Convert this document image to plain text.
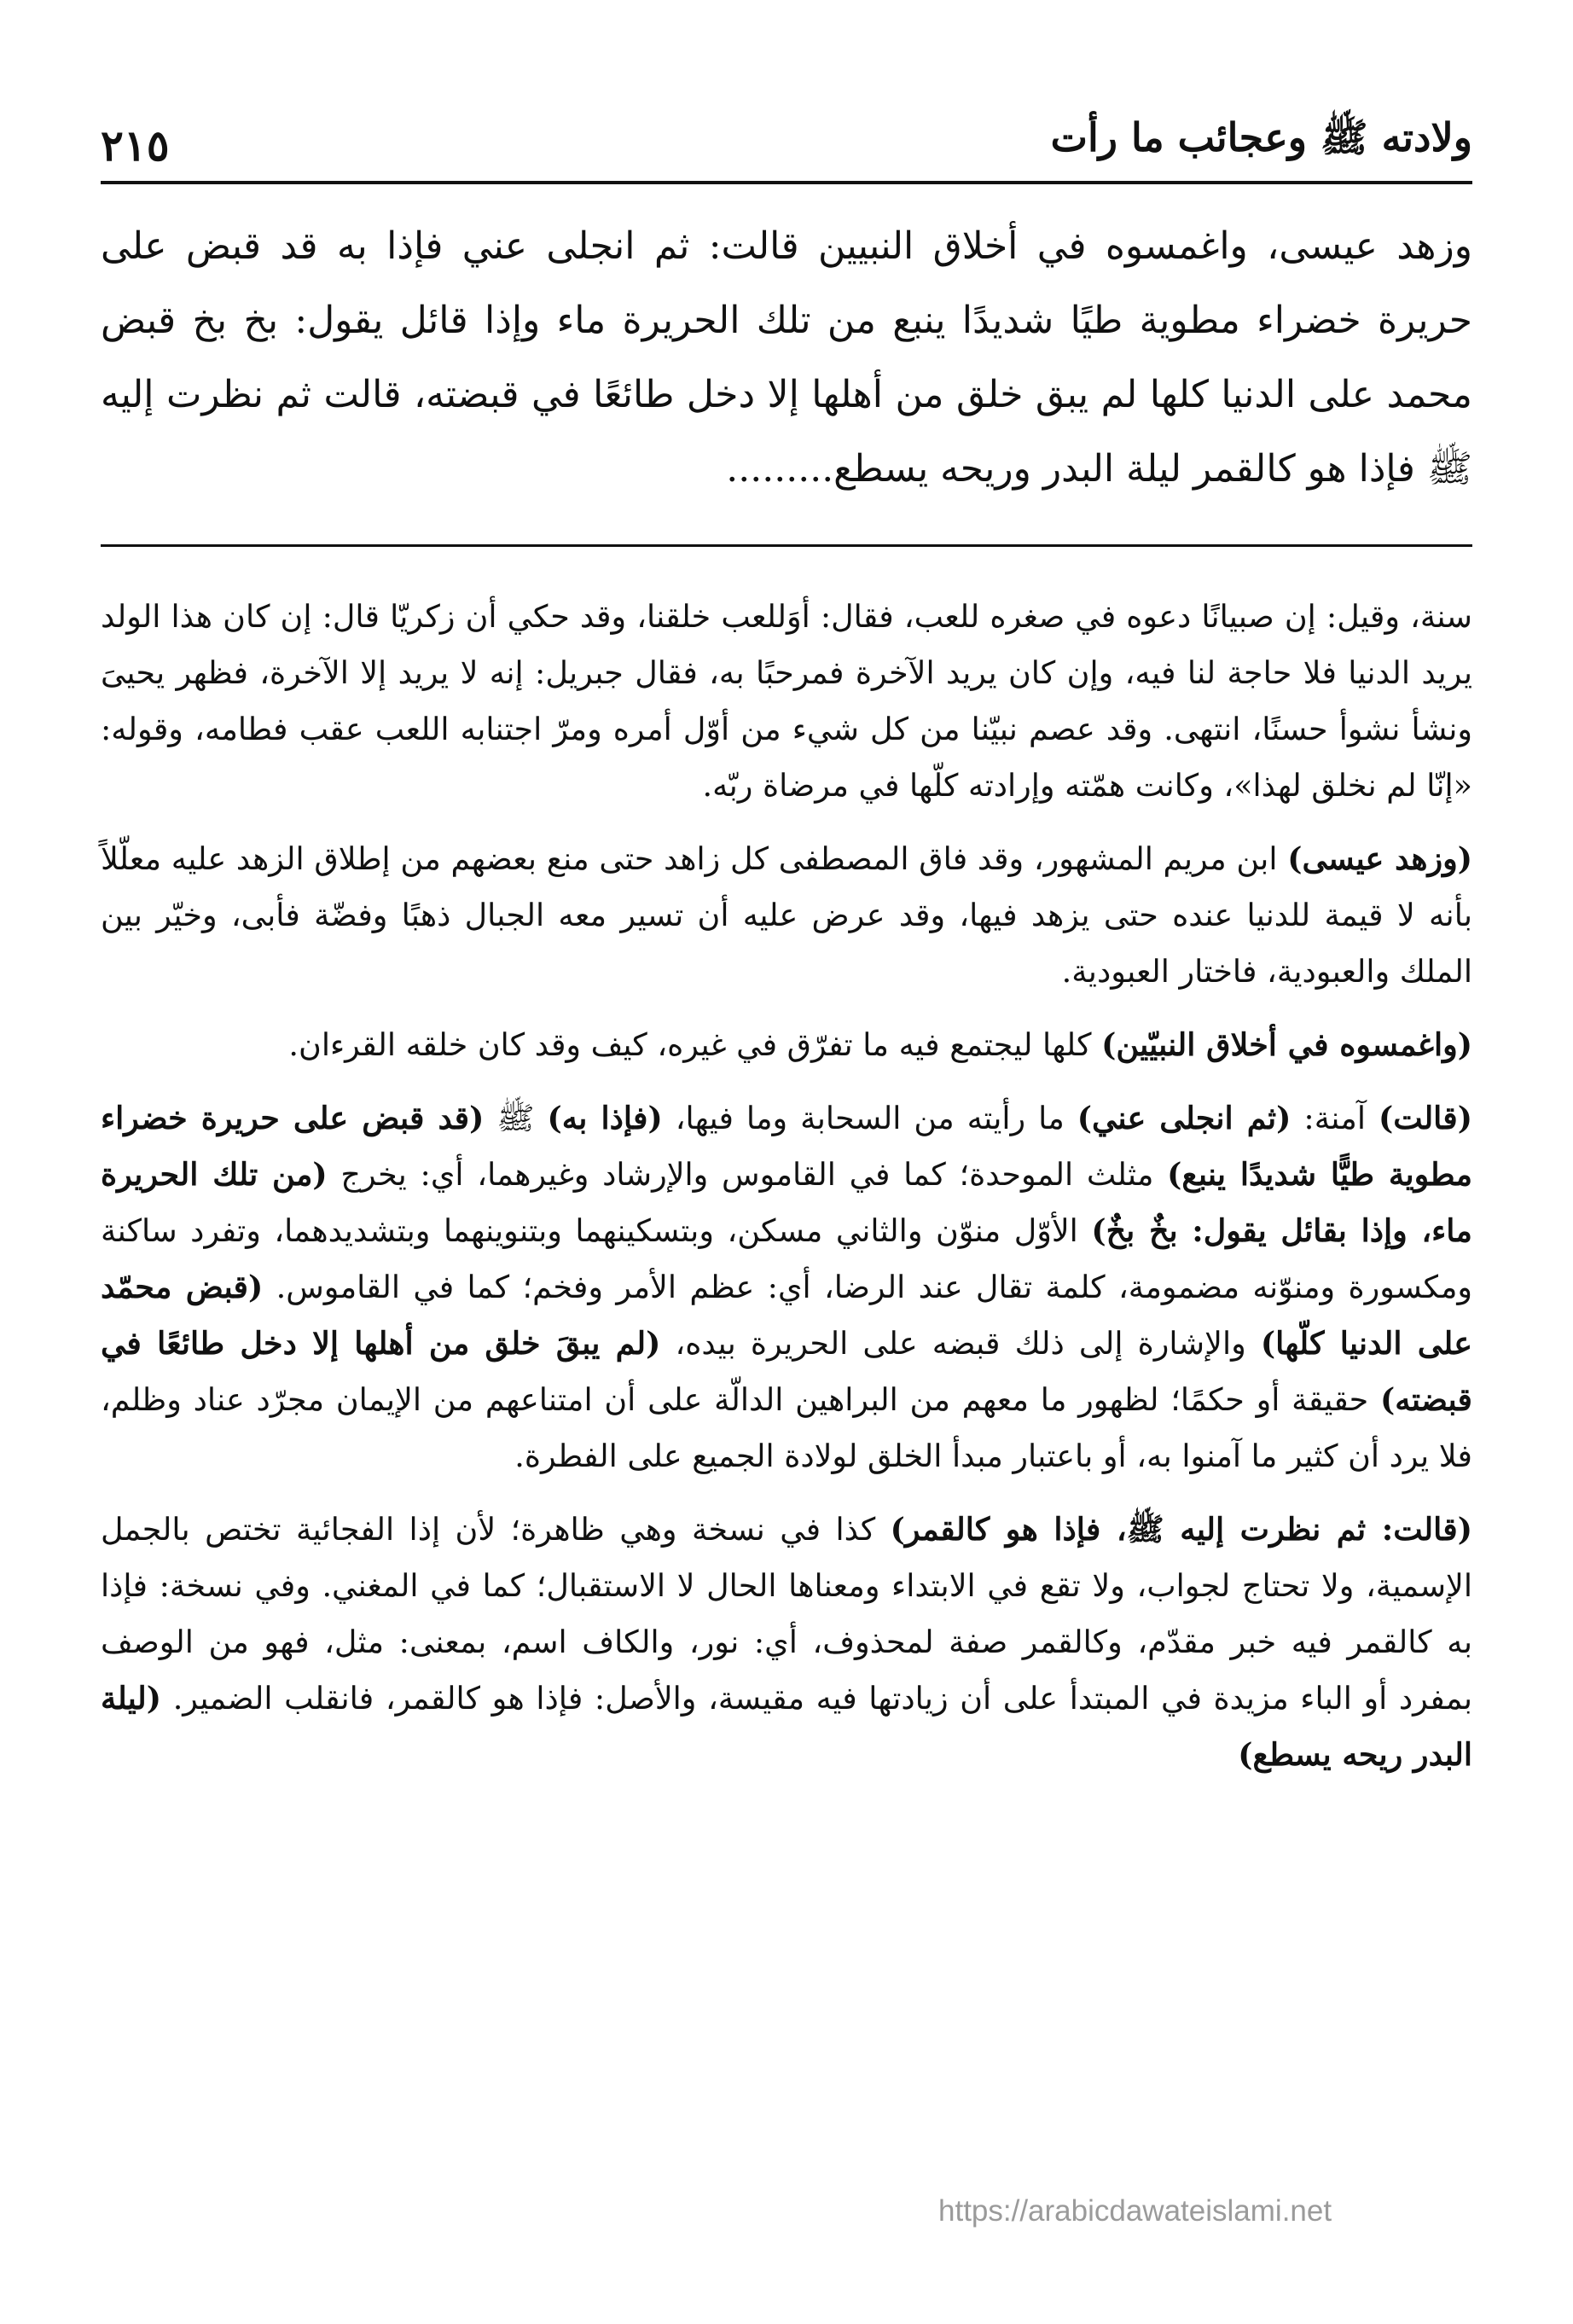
ولادته ﷺ وعجائب ما رأت
٢١٥

وزهد عيسى، واغمسوه في أخلاق النبيين قالت: ثم انجلى عني فإذا به قد قبض على حريرة خضراء مطوية طيًا شديدًا ينبع من تلك الحريرة ماء وإذا قائل يقول: بخ بخ قبض محمد على الدنيا كلها لم يبق خلق من أهلها إلا دخل طائعًا في قبضته، قالت ثم نظرت إليه ﷺ فإذا هو كالقمر ليلة البدر وريحه يسطع.........

سنة، وقيل: إن صبيانًا دعوه في صغره للعب، فقال: أوَللعب خلقنا، وقد حكي أن زكريّا قال: إن كان هذا الولد يريد الدنيا فلا حاجة لنا فيه، وإن كان يريد الآخرة فمرحبًا به، فقال جبريل: إنه لا يريد إلا الآخرة، فظهر يحيىَ ونشأ نشوأ حسنًا، انتهى. وقد عصم نبيّنا من كل شيء من أوّل أمره ومرّ اجتنابه اللعب عقب فطامه، وقوله: «إنّا لم نخلق لهذا»، وكانت همّته وإرادته كلّها في مرضاة ربّه.

(وزهد عيسى) ابن مريم المشهور، وقد فاق المصطفى كل زاهد حتى منع بعضهم من إطلاق الزهد عليه معلّلاً بأنه لا قيمة للدنيا عنده حتى يزهد فيها، وقد عرض عليه أن تسير معه الجبال ذهبًا وفضّة فأبى، وخيّر بين الملك والعبودية، فاختار العبودية.

(واغمسوه في أخلاق النبيّين) كلها ليجتمع فيه ما تفرّق في غيره، كيف وقد كان خلقه القرءان.

(قالت) آمنة: (ثم انجلى عني) ما رأيته من السحابة وما فيها، (فإذا به) ﷺ (قد قبض على حريرة خضراء مطوية طيًّا شديدًا ينبع) مثلث الموحدة؛ كما في القاموس والإرشاد وغيرهما، أي: يخرج (من تلك الحريرة ماء، وإذا بقائل يقول: بخٌ بخٌ) الأوّل منوّن والثاني مسكن، وبتسكينهما وبتنوينهما وبتشديدهما، وتفرد ساكنة ومكسورة ومنوّنه مضمومة، كلمة تقال عند الرضا، أي: عظم الأمر وفخم؛ كما في القاموس. (قبض محمّد على الدنيا كلّها) والإشارة إلى ذلك قبضه على الحريرة بيده، (لم يبقَ خلق من أهلها إلا دخل طائعًا في قبضته) حقيقة أو حكمًا؛ لظهور ما معهم من البراهين الدالّة على أن امتناعهم من الإيمان مجرّد عناد وظلم، فلا يرد أن كثير ما آمنوا به، أو باعتبار مبدأ الخلق لولادة الجميع على الفطرة.

(قالت: ثم نظرت إليه ﷺ، فإذا هو كالقمر) كذا في نسخة وهي ظاهرة؛ لأن إذا الفجائية تختص بالجمل الإسمية، ولا تحتاج لجواب، ولا تقع في الابتداء ومعناها الحال لا الاستقبال؛ كما في المغني. وفي نسخة: فإذا به كالقمر فيه خبر مقدّم، وكالقمر صفة لمحذوف، أي: نور، والكاف اسم، بمعنى: مثل، فهو من الوصف بمفرد أو الباء مزيدة في المبتدأ على أن زيادتها فيه مقيسة، والأصل: فإذا هو كالقمر، فانقلب الضمير. (ليلة البدر ريحه يسطع)

https://arabicdawateislami.net
